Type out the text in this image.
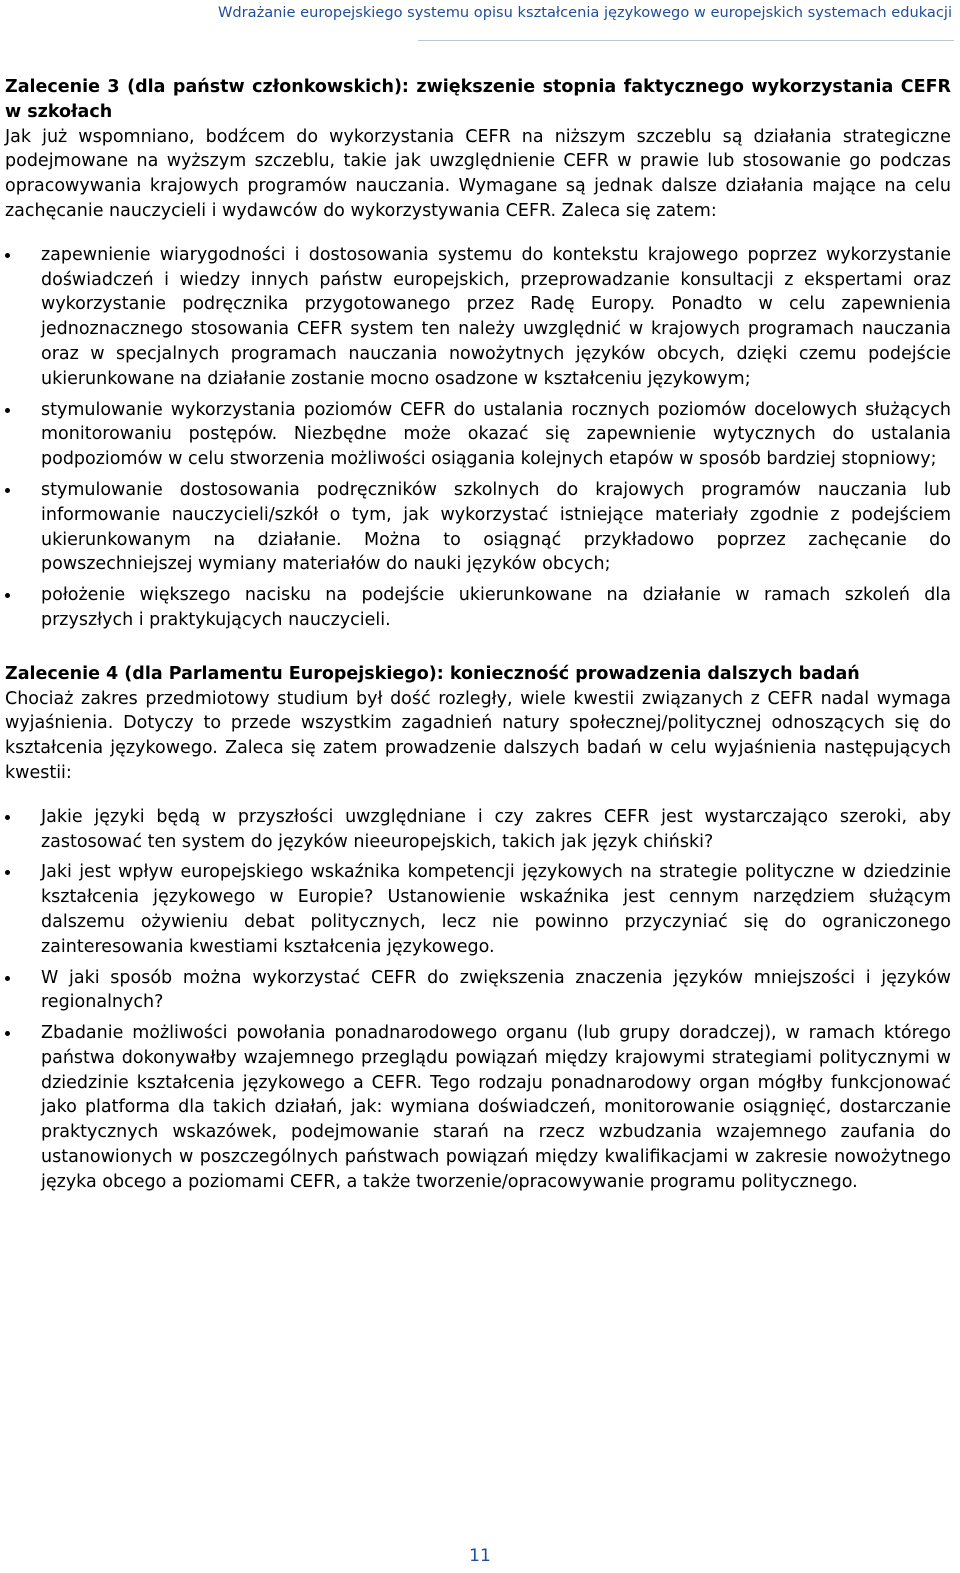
Wdrażanie europejskiego systemu opisu kształcenia językowego w europejskich systemach edukacji

Zalecenie 3 (dla państw członkowskich): zwiększenie stopnia faktycznego wykorzystania CEFR w szkołach

Jak już wspomniano, bodźcem do wykorzystania CEFR na niższym szczeblu są działania strategiczne podejmowane na wyższym szczeblu, takie jak uwzględnienie CEFR w prawie lub stosowanie go podczas opracowywania krajowych programów nauczania. Wymagane są jednak dalsze działania mające na celu zachęcanie nauczycieli i wydawców do wykorzystywania CEFR. Zaleca się zatem:

zapewnienie wiarygodności i dostosowania systemu do kontekstu krajowego poprzez wykorzystanie doświadczeń i wiedzy innych państw europejskich, przeprowadzanie konsultacji z ekspertami oraz wykorzystanie podręcznika przygotowanego przez Radę Europy. Ponadto w celu zapewnienia jednoznacznego stosowania CEFR system ten należy uwzględnić w krajowych programach nauczania oraz w specjalnych programach nauczania nowożytnych języków obcych, dzięki czemu podejście ukierunkowane na działanie zostanie mocno osadzone w kształceniu językowym;
stymulowanie wykorzystania poziomów CEFR do ustalania rocznych poziomów docelowych służących monitorowaniu postępów. Niezbędne może okazać się zapewnienie wytycznych do ustalania podpoziomów w celu stworzenia możliwości osiągania kolejnych etapów w sposób bardziej stopniowy;
stymulowanie dostosowania podręczników szkolnych do krajowych programów nauczania lub informowanie nauczycieli/szkół o tym, jak wykorzystać istniejące materiały zgodnie z podejściem ukierunkowanym na działanie. Można to osiągnąć przykładowo poprzez zachęcanie do powszechniejszej wymiany materiałów do nauki języków obcych;
położenie większego nacisku na podejście ukierunkowane na działanie w ramach szkoleń dla przyszłych i praktykujących nauczycieli.

Zalecenie 4 (dla Parlamentu Europejskiego): konieczność prowadzenia dalszych badań

Chociaż zakres przedmiotowy studium był dość rozległy, wiele kwestii związanych z CEFR nadal wymaga wyjaśnienia. Dotyczy to przede wszystkim zagadnień natury społecznej/politycznej odnoszących się do kształcenia językowego. Zaleca się zatem prowadzenie dalszych badań w celu wyjaśnienia następujących kwestii:

Jakie języki będą w przyszłości uwzględniane i czy zakres CEFR jest wystarczająco szeroki, aby zastosować ten system do języków nieeuropejskich, takich jak język chiński?
Jaki jest wpływ europejskiego wskaźnika kompetencji językowych na strategie polityczne w dziedzinie kształcenia językowego w Europie? Ustanowienie wskaźnika jest cennym narzędziem służącym dalszemu ożywieniu debat politycznych, lecz nie powinno przyczyniać się do ograniczonego zainteresowania kwestiami kształcenia językowego.
W jaki sposób można wykorzystać CEFR do zwiększenia znaczenia języków mniejszości i języków regionalnych?
Zbadanie możliwości powołania ponadnarodowego organu (lub grupy doradczej), w ramach którego państwa dokonywałby wzajemnego przeglądu powiązań między krajowymi strategiami politycznymi w dziedzinie kształcenia językowego a CEFR. Tego rodzaju ponadnarodowy organ mógłby funkcjonować jako platforma dla takich działań, jak: wymiana doświadczeń, monitorowanie osiągnięć, dostarczanie praktycznych wskazówek, podejmowanie starań na rzecz wzbudzania wzajemnego zaufania do ustanowionych w poszczególnych państwach powiązań między kwalifikacjami w zakresie nowożytnego języka obcego a poziomami CEFR, a także tworzenie/opracowywanie programu politycznego.
11
